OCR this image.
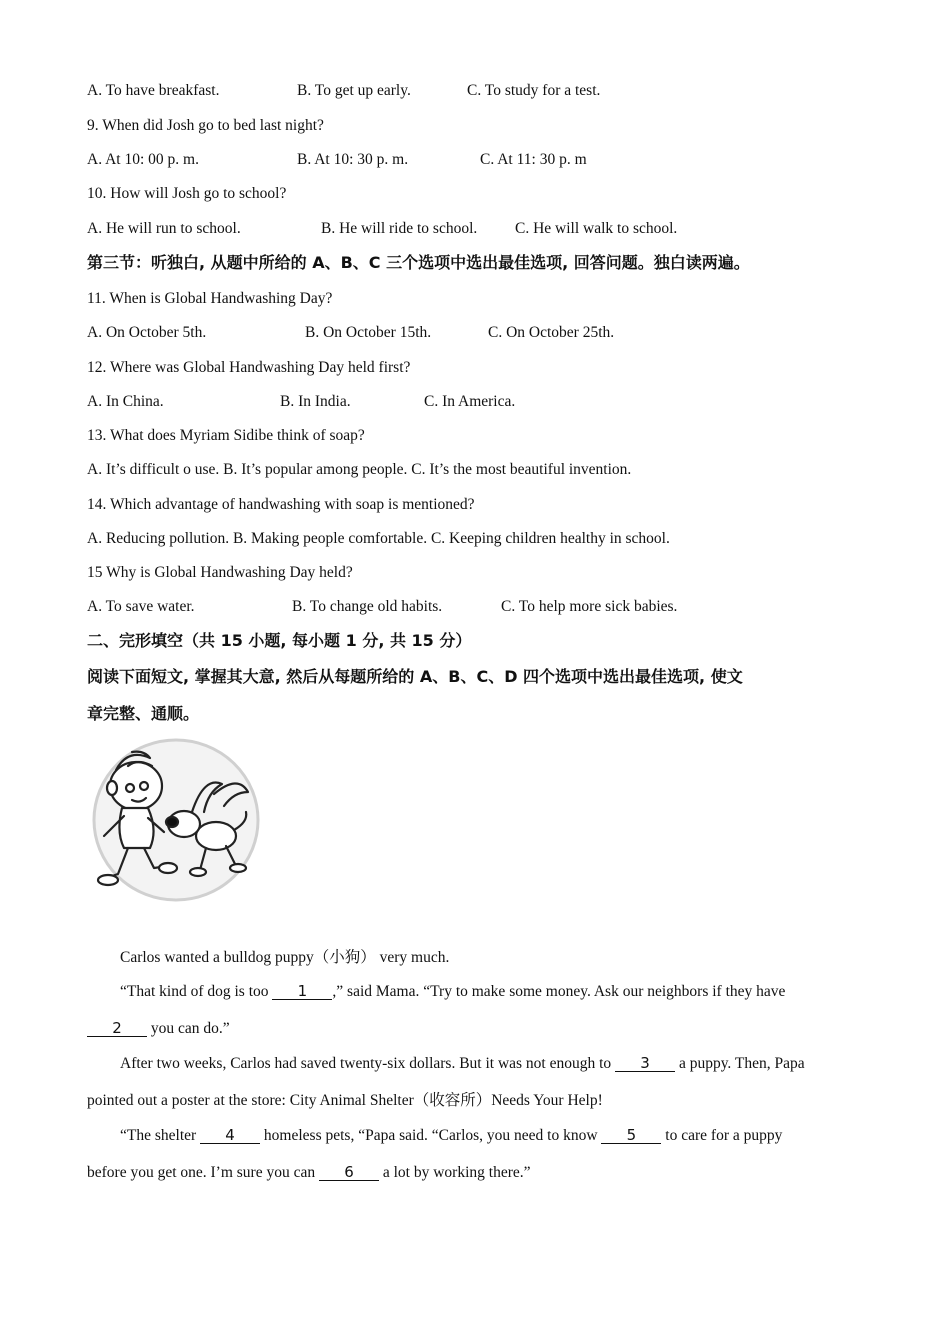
A. To have breakfast.	B. To get up early.	C. To study for a test.
9. When did Josh go to bed last night?
A. At 10: 00 p. m.	B. At 10: 30 p. m.	C. At 11: 30 p. m
10. How will Josh go to school?
A. He will run to school.	B. He will ride to school. C. He will walk to school.
第三节：听独白, 从题中所给的 A、B、C 三个选项中选出最佳选项, 回答问题。独白读两遍。
11. When is Global Handwashing Day?
A. On October 5th.	B. On October 15th.	C. On October 25th.
12. Where was Global Handwashing Day held first?
A. In China.	B. In India.	C. In America.
13. What does Myriam Sidibe think of soap?
A. It’s difficult o use. B. It’s popular among people. C. It’s the most beautiful invention.
14. Which advantage of handwashing with soap is mentioned?
A. Reducing pollution. B. Making people comfortable. C. Keeping children healthy in school.
15 Why is Global Handwashing Day held?
A. To save water.	B. To change old habits.	C. To help more sick babies.
二、完形填空（共 15 小题, 每小题 1 分, 共 15 分）
阅读下面短文, 掌握其大意, 然后从每题所给的 A、B、C、D 四个选项中选出最佳选项, 使文
章完整、通顺。
Carlos wanted a bulldog puppy（小狗） very much.
“That kind of dog is too 1 ,” said Mama. “Try to make some money. Ask our neighbors if they have
2 you can do.”
After two weeks, Carlos had saved twenty-six dollars. But it was not enough to 3 a puppy. Then, Papa
pointed out a poster at the store: City Animal Shelter（收容所）Needs Your Help!
“The shelter 4 homeless pets, “Papa said. “Carlos, you need to know 5 to care for a puppy
before you get one. I’m sure you can 6 a lot by working there.”
